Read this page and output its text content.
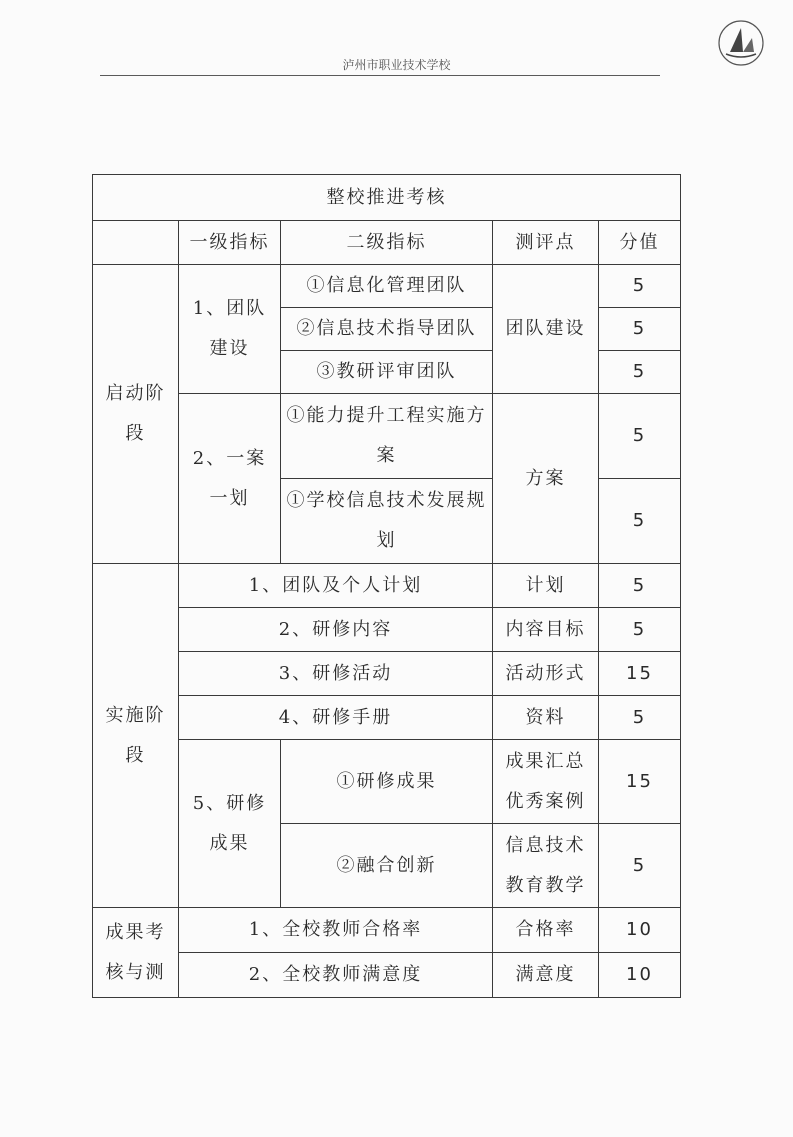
泸州市职业技术学校
整校推进考核				
	一级指标	二级指标	测评点	分值
启动阶段	1、团队建设	①信息化管理团队	团队建设	5
		②信息技术指导团队		5
		③教研评审团队		5
	2、一案一划	①能力提升工程实施方案	方案	5
		①学校信息技术发展规划		5
实施阶段	1、团队及个人计划		计划	5
	2、研修内容		内容目标	5
	3、研修活动		活动形式	15
	4、研修手册		资料	5
	5、研修成果	①研修成果	成果汇总优秀案例	15
		②融合创新	信息技术教育教学	5
成果考核与测	1、全校教师合格率		合格率	10
	2、全校教师满意度		满意度	10
